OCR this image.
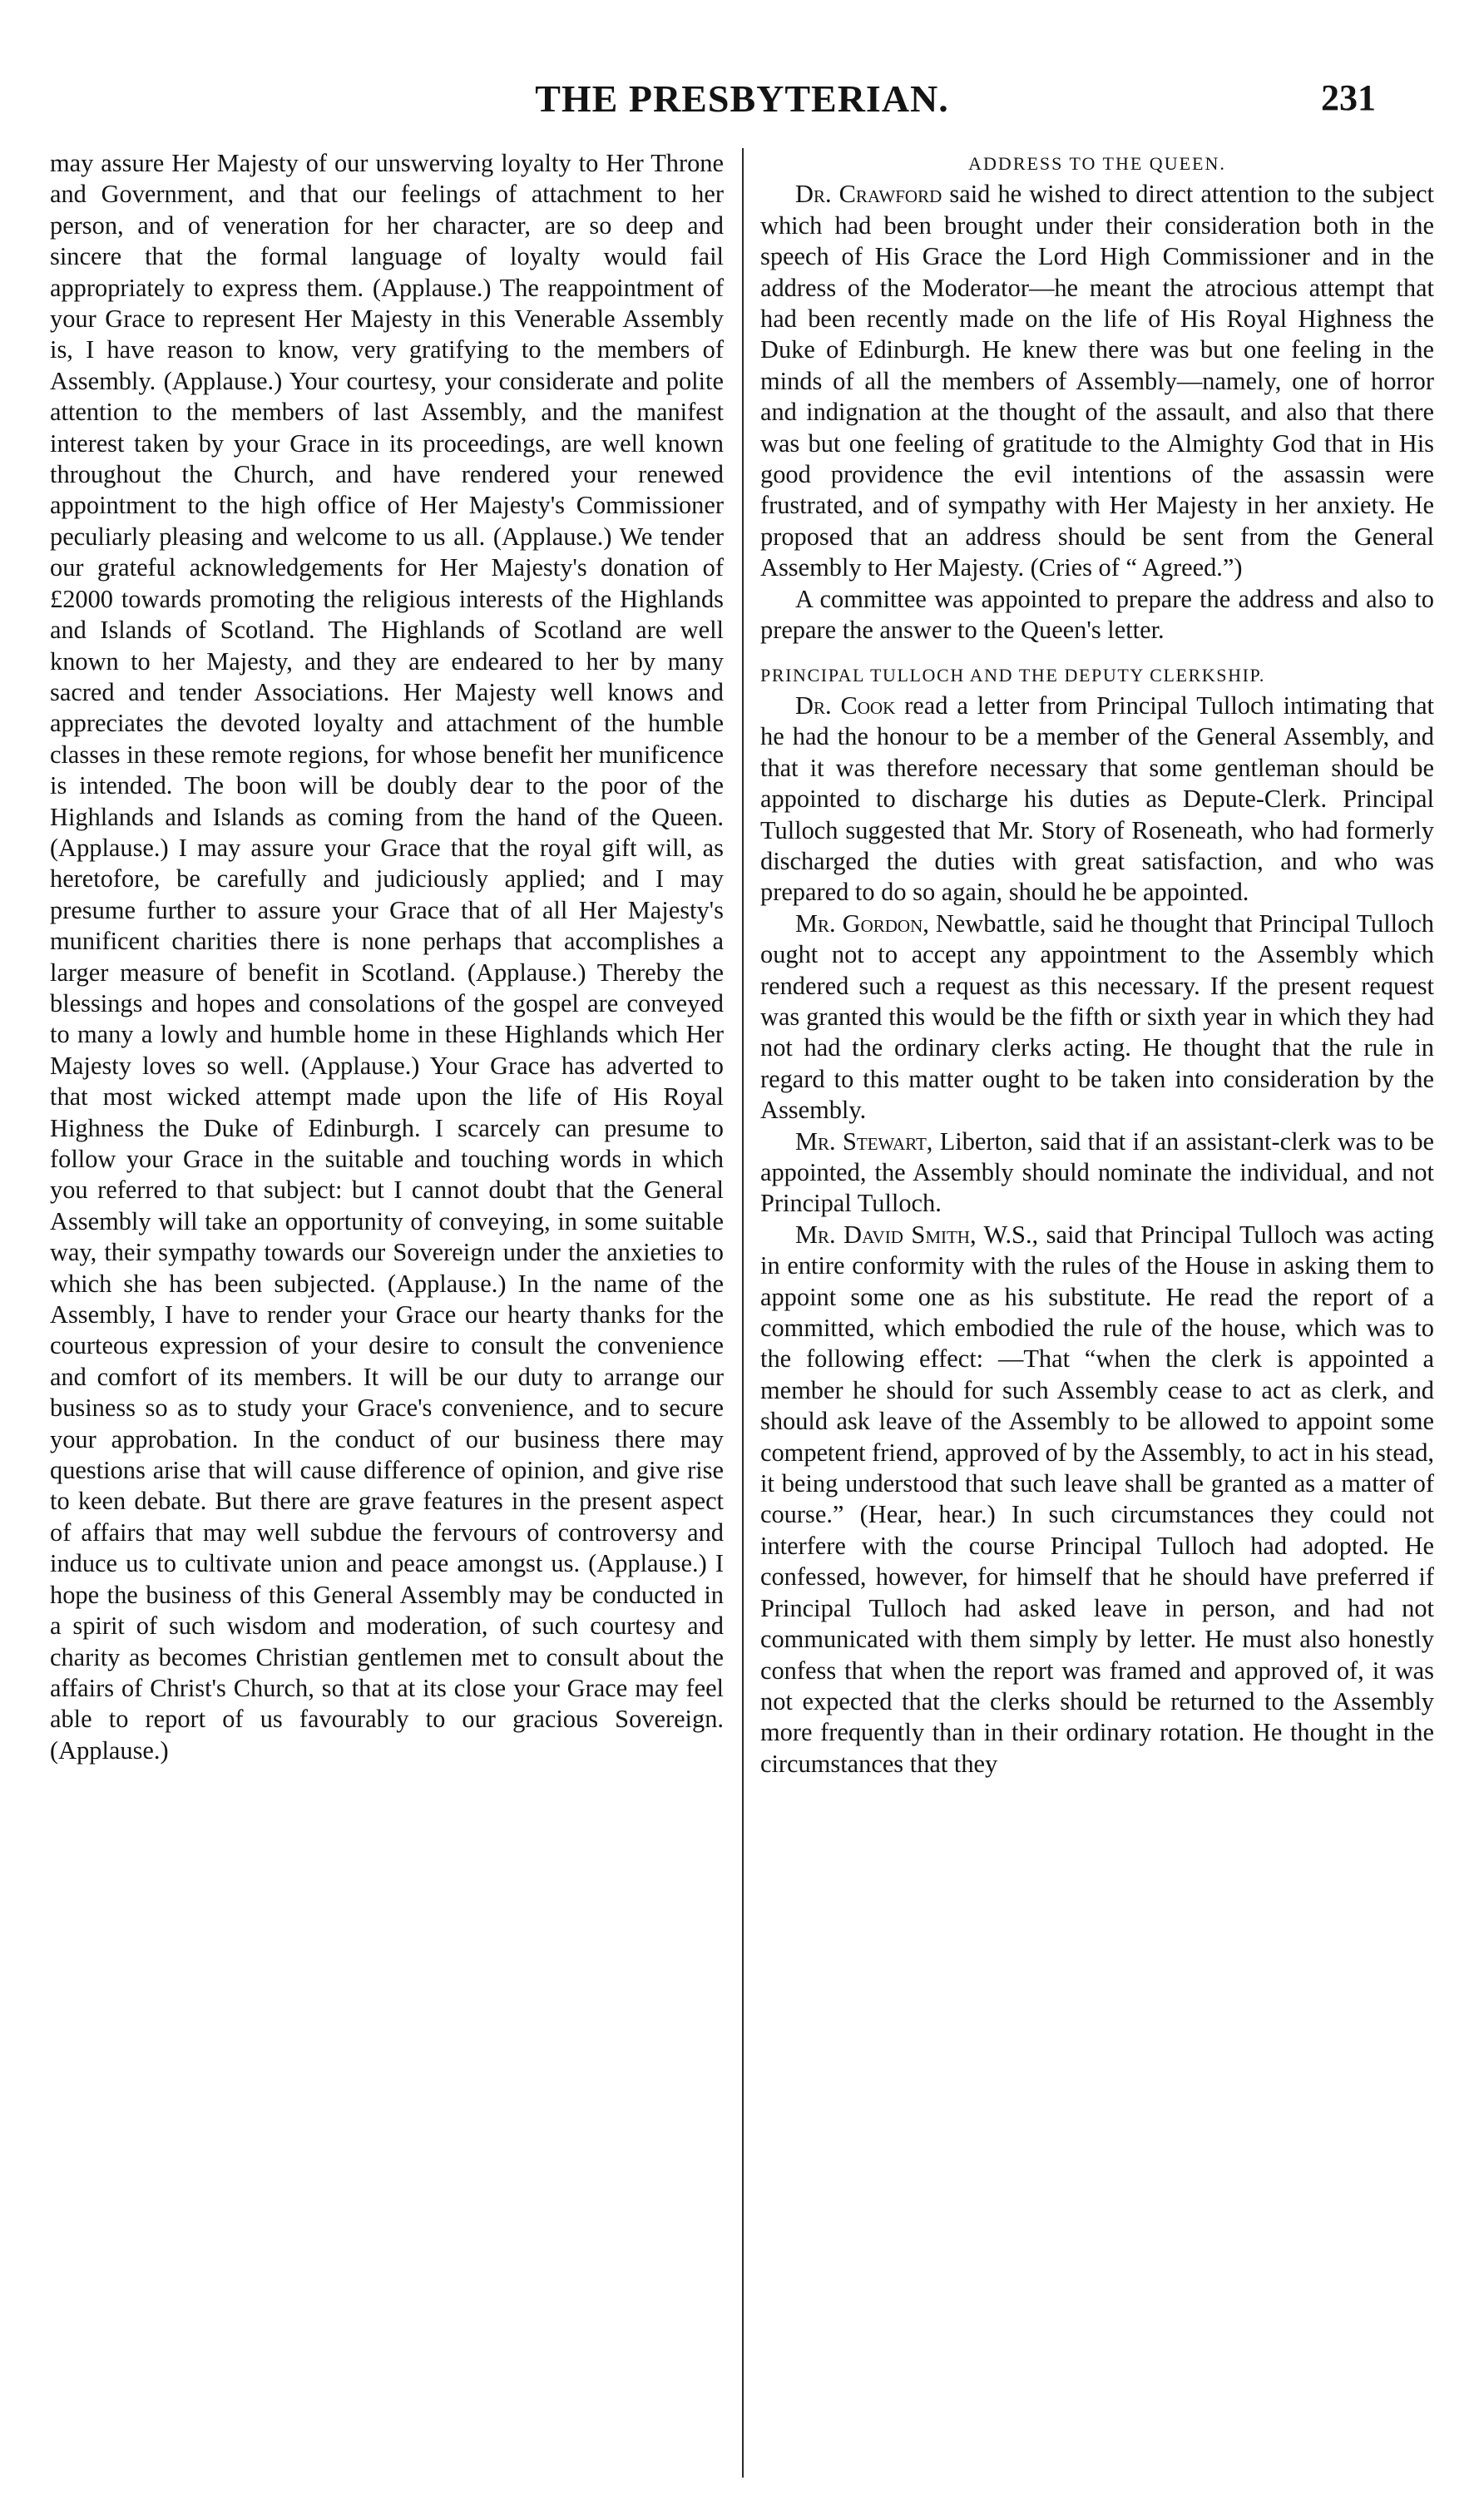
THE PRESBYTERIAN.	231

may assure Her Majesty of our unswerving loyalty to Her Throne and Government, and that our feelings of attachment to her person, and of veneration for her character, are so deep and sincere that the formal language of loyalty would fail appropriately to express them. (Applause.) The reappointment of your Grace to represent Her Majesty in this Venerable Assembly is, I have reason to know, very gratifying to the members of Assembly. (Applause.) Your courtesy, your considerate and polite attention to the members of last Assembly, and the manifest interest taken by your Grace in its proceedings, are well known throughout the Church, and have rendered your renewed appointment to the high office of Her Majesty's Commissioner peculiarly pleasing and welcome to us all. (Applause.) We tender our grateful acknowledgements for Her Majesty's donation of £2000 towards promoting the religious interests of the Highlands and Islands of Scotland. The Highlands of Scotland are well known to her Majesty, and they are endeared to her by many sacred and tender Associations. Her Majesty well knows and appreciates the devoted loyalty and attachment of the humble classes in these remote regions, for whose benefit her munificence is intended. The boon will be doubly dear to the poor of the Highlands and Islands as coming from the hand of the Queen. (Applause.) I may assure your Grace that the royal gift will, as heretofore, be carefully and judiciously applied; and I may presume further to assure your Grace that of all Her Majesty's munificent charities there is none perhaps that accomplishes a larger measure of benefit in Scotland. (Applause.) Thereby the blessings and hopes and consolations of the gospel are conveyed to many a lowly and humble home in these Highlands which Her Majesty loves so well. (Applause.) Your Grace has adverted to that most wicked attempt made upon the life of His Royal Highness the Duke of Edinburgh. I scarcely can presume to follow your Grace in the suitable and touching words in which you referred to that subject: but I cannot doubt that the General Assembly will take an opportunity of conveying, in some suitable way, their sympathy towards our Sovereign under the anxieties to which she has been subjected. (Applause.) In the name of the Assembly, I have to render your Grace our hearty thanks for the courteous expression of your desire to consult the convenience and comfort of its members. It will be our duty to arrange our business so as to study your Grace's convenience, and to secure your approbation. In the conduct of our business there may questions arise that will cause difference of opinion, and give rise to keen debate. But there are grave features in the present aspect of affairs that may well subdue the fervours of controversy and induce us to cultivate union and peace amongst us. (Applause.) I hope the business of this General Assembly may be conducted in a spirit of such wisdom and moderation, of such courtesy and charity as becomes Christian gentlemen met to consult about the affairs of Christ's Church, so that at its close your Grace may feel able to report of us favourably to our gracious Sovereign. (Applause.)

ADDRESS TO THE QUEEN.

Dr. Crawford said he wished to direct attention to the subject which had been brought under their consideration both in the speech of His Grace the Lord High Commissioner and in the address of the Moderator—he meant the atrocious attempt that had been recently made on the life of His Royal Highness the Duke of Edinburgh. He knew there was but one feeling in the minds of all the members of Assembly—namely, one of horror and indignation at the thought of the assault, and also that there was but one feeling of gratitude to the Almighty God that in His good providence the evil intentions of the assassin were frustrated, and of sympathy with Her Majesty in her anxiety. He proposed that an address should be sent from the General Assembly to Her Majesty. (Cries of “ Agreed.”)

A committee was appointed to prepare the address and also to prepare the answer to the Queen's letter.

PRINCIPAL TULLOCH AND THE DEPUTY CLERKSHIP.

Dr. Cook read a letter from Principal Tulloch intimating that he had the honour to be a member of the General Assembly, and that it was therefore necessary that some gentleman should be appointed to discharge his duties as Depute-Clerk. Principal Tulloch suggested that Mr. Story of Roseneath, who had formerly discharged the duties with great satisfaction, and who was prepared to do so again, should he be appointed.

Mr. Gordon, Newbattle, said he thought that Principal Tulloch ought not to accept any appointment to the Assembly which rendered such a request as this necessary. If the present request was granted this would be the fifth or sixth year in which they had not had the ordinary clerks acting. He thought that the rule in regard to this matter ought to be taken into consideration by the Assembly.

Mr. Stewart, Liberton, said that if an assistant-clerk was to be appointed, the Assembly should nominate the individual, and not Principal Tulloch.

Mr. David Smith, W.S., said that Principal Tulloch was acting in entire conformity with the rules of the House in asking them to appoint some one as his substitute. He read the report of a committed, which embodied the rule of the house, which was to the following effect: —That “when the clerk is appointed a member he should for such Assembly cease to act as clerk, and should ask leave of the Assembly to be allowed to appoint some competent friend, approved of by the Assembly, to act in his stead, it being understood that such leave shall be granted as a matter of course.” (Hear, hear.) In such circumstances they could not interfere with the course Principal Tulloch had adopted. He confessed, however, for himself that he should have preferred if Principal Tulloch had asked leave in person, and had not communicated with them simply by letter. He must also honestly confess that when the report was framed and approved of, it was not expected that the clerks should be returned to the Assembly more frequently than in their ordinary rotation. He thought in the circumstances that they
